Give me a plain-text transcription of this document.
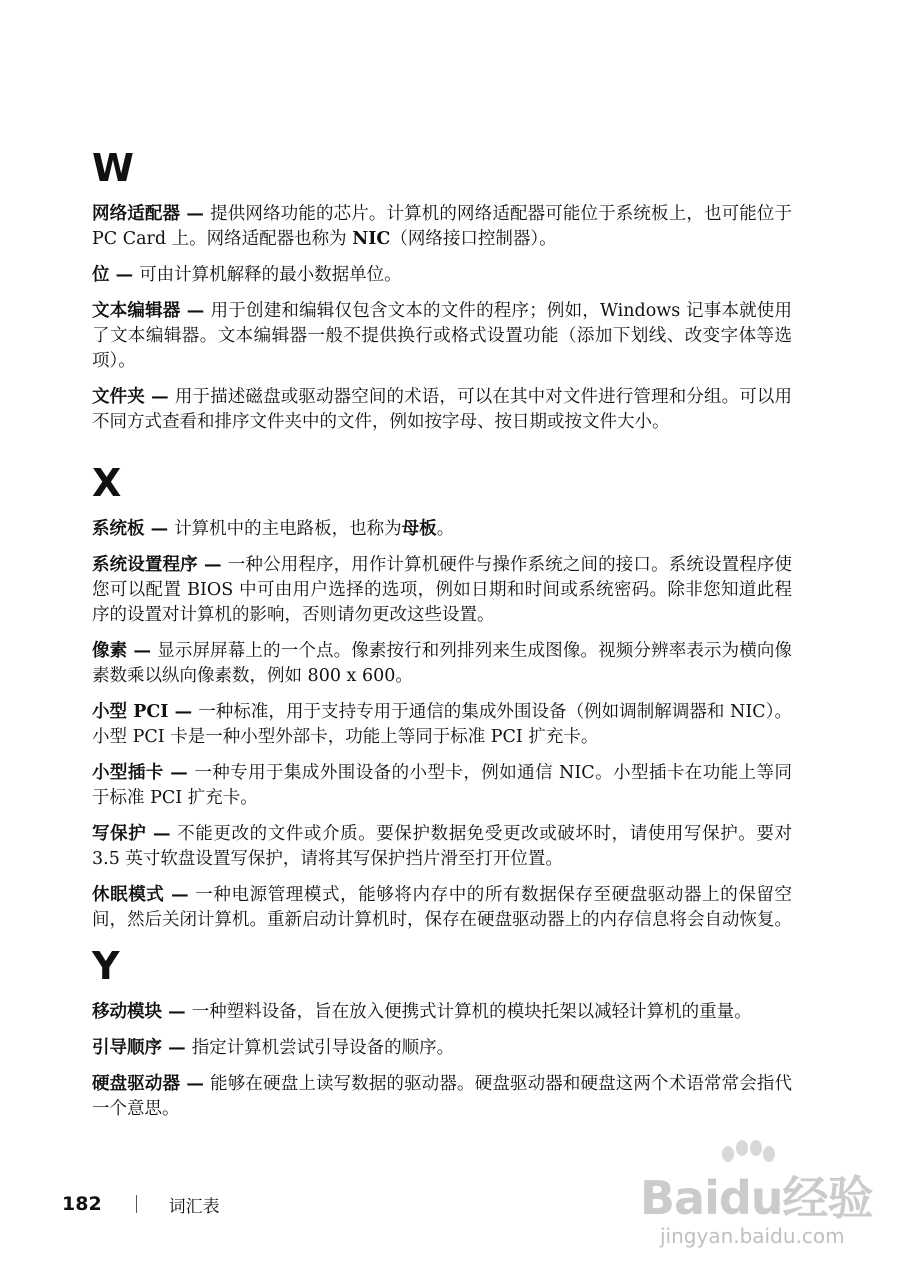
W

网络适配器 — 提供网络功能的芯片。计算机的网络适配器可能位于系统板上，也可能位于 PC Card 上。网络适配器也称为 NIC（网络接口控制器）。

位 — 可由计算机解释的最小数据单位。

文本编辑器 — 用于创建和编辑仅包含文本的文件的程序；例如，Windows 记事本就使用了文本编辑器。文本编辑器一般不提供换行或格式设置功能（添加下划线、改变字体等选项）。

文件夹 — 用于描述磁盘或驱动器空间的术语，可以在其中对文件进行管理和分组。可以用不同方式查看和排序文件夹中的文件，例如按字母、按日期或按文件大小。

X

系统板 — 计算机中的主电路板，也称为母板。

系统设置程序 — 一种公用程序，用作计算机硬件与操作系统之间的接口。系统设置程序使您可以配置 BIOS 中可由用户选择的选项，例如日期和时间或系统密码。除非您知道此程序的设置对计算机的影响，否则请勿更改这些设置。

像素 — 显示屏屏幕上的一个点。像素按行和列排列来生成图像。视频分辨率表示为横向像素数乘以纵向像素数，例如 800 x 600。

小型 PCI — 一种标准，用于支持专用于通信的集成外围设备（例如调制解调器和 NIC）。小型 PCI 卡是一种小型外部卡，功能上等同于标准 PCI 扩充卡。

小型插卡 — 一种专用于集成外围设备的小型卡，例如通信 NIC。小型插卡在功能上等同于标准 PCI 扩充卡。

写保护 — 不能更改的文件或介质。要保护数据免受更改或破坏时，请使用写保护。要对 3.5 英寸软盘设置写保护，请将其写保护挡片滑至打开位置。

休眠模式 — 一种电源管理模式，能够将内存中的所有数据保存至硬盘驱动器上的保留空间，然后关闭计算机。重新启动计算机时，保存在硬盘驱动器上的内存信息将会自动恢复。

Y

移动模块 — 一种塑料设备，旨在放入便携式计算机的模块托架以减轻计算机的重量。

引导顺序 — 指定计算机尝试引导设备的顺序。

硬盘驱动器 — 能够在硬盘上读写数据的驱动器。硬盘驱动器和硬盘这两个术语常常会指代一个意思。

182	词汇表	Baidu经验
jingyan.baidu.com
